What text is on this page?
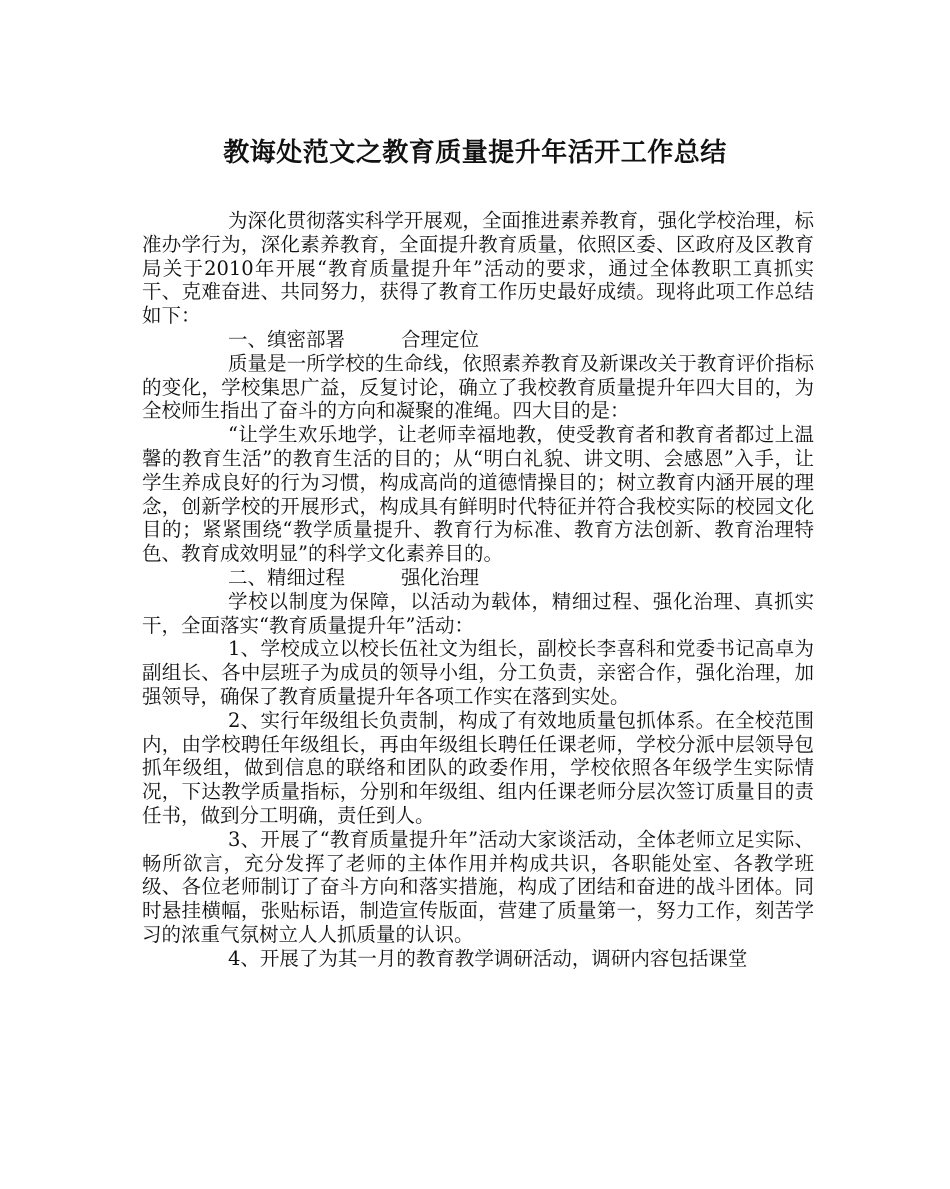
教诲处范文之教育质量提升年活开工作总结

为深化贯彻落实科学开展观，全面推进素养教育，强化学校治理，标准办学行为，深化素养教育，全面提升教育质量，依照区委、区政府及区教育局关于2010年开展“教育质量提升年”活动的要求，通过全体教职工真抓实干、克难奋进、共同努力，获得了教育工作历史最好成绩。现将此项工作总结如下：

一、缜密部署	合理定位

质量是一所学校的生命线，依照素养教育及新课改关于教育评价指标的变化，学校集思广益，反复讨论，确立了我校教育质量提升年四大目的，为全校师生指出了奋斗的方向和凝聚的准绳。四大目的是：

“让学生欢乐地学，让老师幸福地教，使受教育者和教育者都过上温馨的教育生活”的教育生活的目的；从“明白礼貌、讲文明、会感恩”入手，让学生养成良好的行为习惯，构成高尚的道德情操目的；树立教育内涵开展的理念，创新学校的开展形式，构成具有鲜明时代特征并符合我校实际的校园文化目的；紧紧围绕“教学质量提升、教育行为标准、教育方法创新、教育治理特色、教育成效明显”的科学文化素养目的。

二、精细过程	强化治理

学校以制度为保障，以活动为载体，精细过程、强化治理、真抓实干，全面落实“教育质量提升年”活动：

1、学校成立以校长伍社文为组长，副校长李喜科和党委书记高卓为副组长、各中层班子为成员的领导小组，分工负责，亲密合作，强化治理，加强领导，确保了教育质量提升年各项工作实在落到实处。

2、实行年级组长负责制，构成了有效地质量包抓体系。在全校范围内，由学校聘任年级组长，再由年级组长聘任任课老师，学校分派中层领导包抓年级组，做到信息的联络和团队的政委作用，学校依照各年级学生实际情况，下达教学质量指标，分别和年级组、组内任课老师分层次签订质量目的责任书，做到分工明确，责任到人。

3、开展了“教育质量提升年”活动大家谈活动，全体老师立足实际、畅所欲言，充分发挥了老师的主体作用并构成共识，各职能处室、各教学班级、各位老师制订了奋斗方向和落实措施，构成了团结和奋进的战斗团体。同时悬挂横幅，张贴标语，制造宣传版面，营建了质量第一，努力工作，刻苦学习的浓重气氛树立人人抓质量的认识。

4、开展了为其一月的教育教学调研活动，调研内容包括课堂
